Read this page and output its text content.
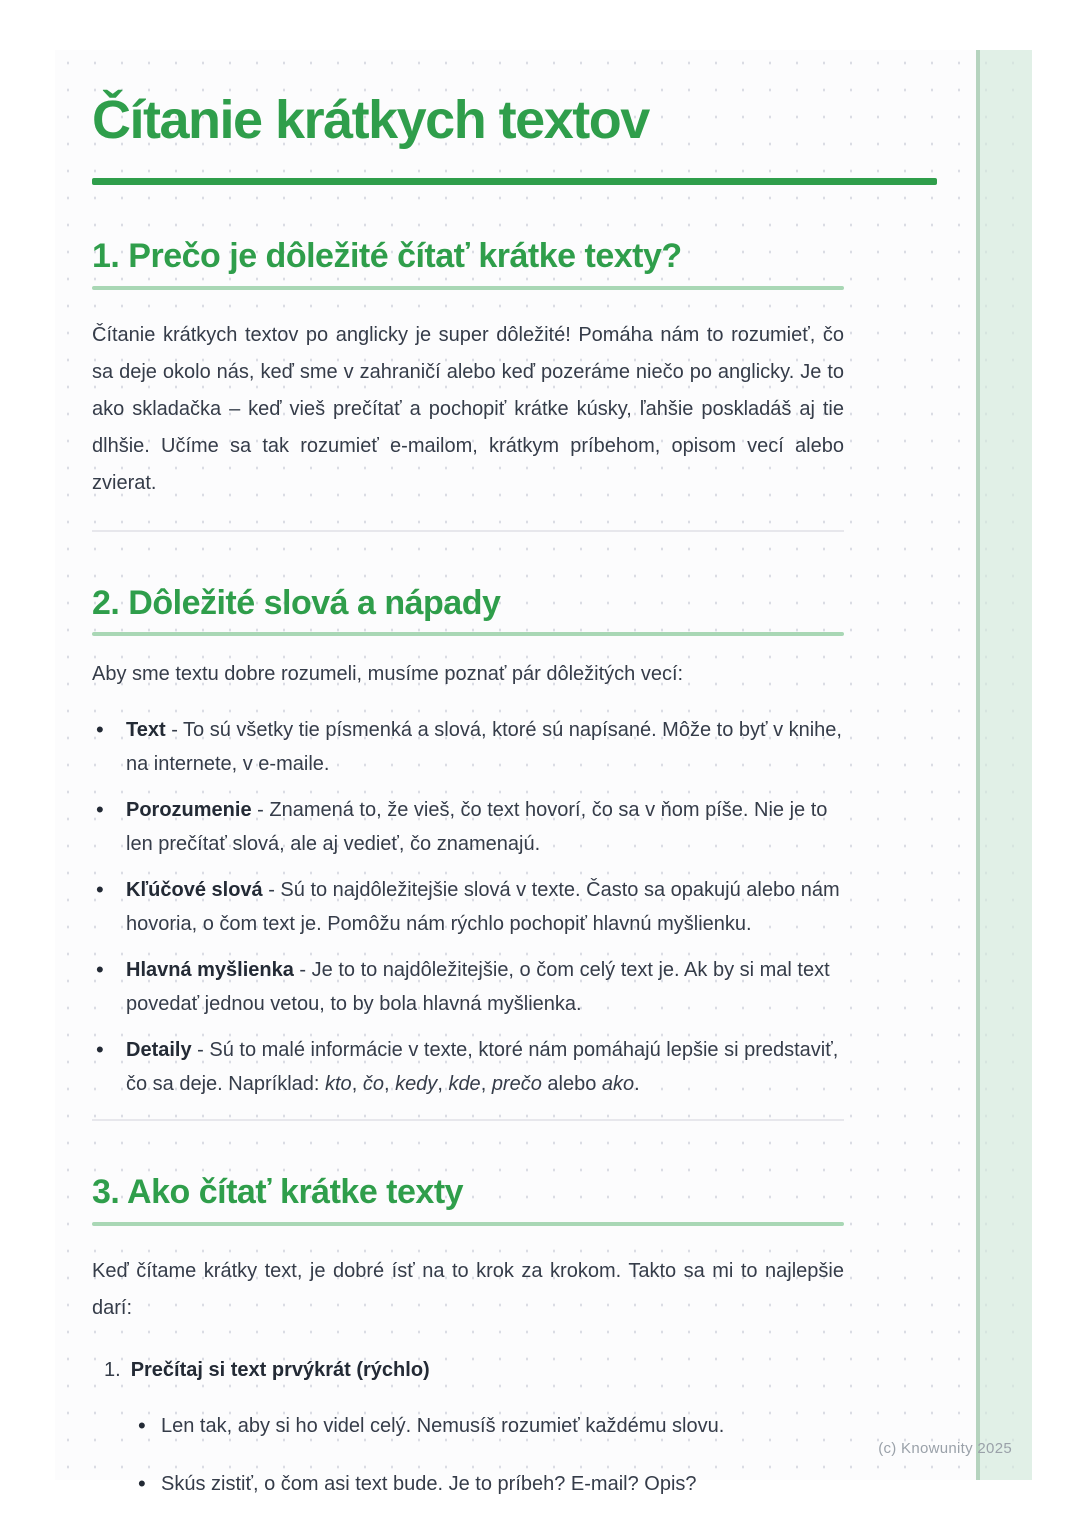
Čítanie krátkych textov
1. Prečo je dôležité čítať krátke texty?

Čítanie krátkych textov po anglicky je super dôležité! Pomáha nám to rozumieť, čo sa deje okolo nás, keď sme v zahraničí alebo keď pozeráme niečo po anglicky. Je to ako skladačka – keď vieš prečítať a pochopiť krátke kúsky, ľahšie poskladáš aj tie dlhšie. Učíme sa tak rozumieť e-mailom, krátkym príbehom, opisom vecí alebo zvierat.

2. Dôležité slová a nápady

Aby sme textu dobre rozumeli, musíme poznať pár dôležitých vecí:

• Text - To sú všetky tie písmenká a slová, ktoré sú napísané. Môže to byť v knihe, na internete, v e-maile.
• Porozumenie - Znamená to, že vieš, čo text hovorí, čo sa v ňom píše. Nie je to len prečítať slová, ale aj vedieť, čo znamenajú.
• Kľúčové slová - Sú to najdôležitejšie slová v texte. Často sa opakujú alebo nám hovoria, o čom text je. Pomôžu nám rýchlo pochopiť hlavnú myšlienku.
• Hlavná myšlienka - Je to to najdôležitejšie, o čom celý text je. Ak by si mal text povedať jednou vetou, to by bola hlavná myšlienka.
• Detaily - Sú to malé informácie v texte, ktoré nám pomáhajú lepšie si predstaviť, čo sa deje. Napríklad: kto, čo, kedy, kde, prečo alebo ako.
3. Ako čítať krátke texty

Keď čítame krátky text, je dobré ísť na to krok za krokom. Takto sa mi to najlepšie darí:

1. Prečítaj si text prvýkrát (rýchlo)
• Len tak, aby si ho videl celý. Nemusíš rozumieť každému slovu.
• Skús zistiť, o čom asi text bude. Je to príbeh? E-mail? Opis?
(c) Knowunity 2025
